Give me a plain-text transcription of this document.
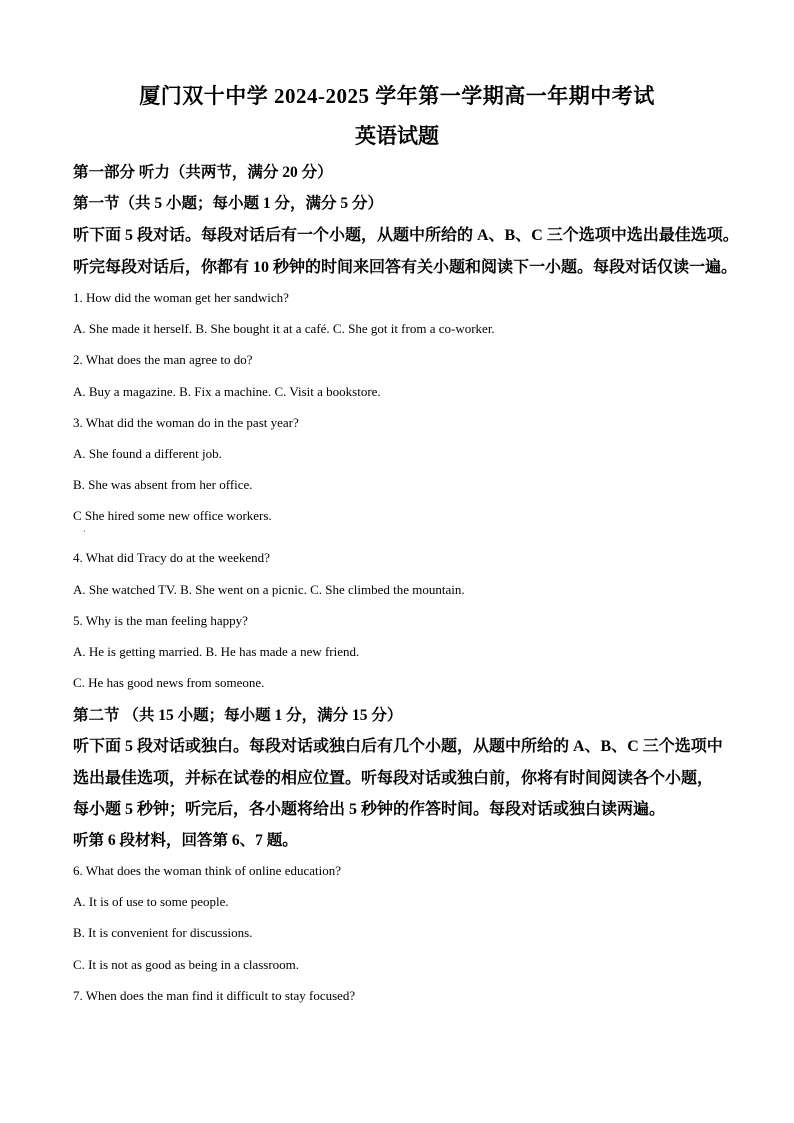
厦门双十中学 2024-2025 学年第一学期高一年期中考试
英语试题
第一部分 听力（共两节，满分 20 分）
第一节（共 5 小题；每小题 1 分，满分 5 分）
听下面 5 段对话。每段对话后有一个小题，从题中所给的 A、B、C 三个选项中选出最佳选项。
听完每段对话后，你都有 10 秒钟的时间来回答有关小题和阅读下一小题。每段对话仅读一遍。
1. How did the woman get her sandwich?
A. She made it herself. B. She bought it at a café. C. She got it from a co-worker.
2. What does the man agree to do?
A. Buy a magazine. B. Fix a machine. C. Visit a bookstore.
3. What did the woman do in the past year?
A. She found a different job.
B. She was absent from her office.
C She hired some new office workers.
·
4. What did Tracy do at the weekend?
A. She watched TV. B. She went on a picnic. C. She climbed the mountain.
5. Why is the man feeling happy?
A. He is getting married. B. He has made a new friend.
C. He has good news from someone.
第二节 （共 15 小题；每小题 1 分，满分 15 分）
听下面 5 段对话或独白。每段对话或独白后有几个小题，从题中所给的 A、B、C 三个选项中
选出最佳选项，并标在试卷的相应位置。听每段对话或独白前，你将有时间阅读各个小题，
每小题 5 秒钟；听完后，各小题将给出 5 秒钟的作答时间。每段对话或独白读两遍。
听第 6 段材料，回答第 6、7 题。
6. What does the woman think of online education?
A. It is of use to some people.
B. It is convenient for discussions.
C. It is not as good as being in a classroom.
7. When does the man find it difficult to stay focused?
